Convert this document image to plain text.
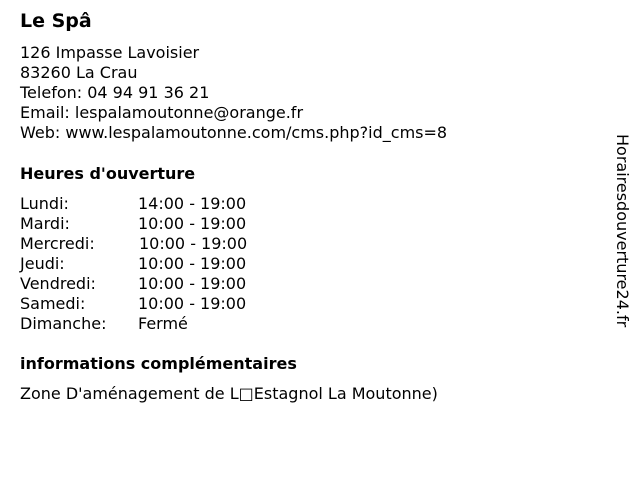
Le Spâ
126 Impasse Lavoisier
83260 La Crau
Telefon: 04 94 91 36 21
Email: lespalamoutonne@orange.fr
Web: www.lespalamoutonne.com/cms.php?id_cms=8
Heures d'ouverture
Lundi:	14:00 - 19:00
Mardi:	10:00 - 19:00
Mercredi:	10:00 - 19:00
Jeudi:	10:00 - 19:00
Vendredi:	10:00 - 19:00
Samedi:	10:00 - 19:00
Dimanche: Fermé
informations complémentaires
Zone D'aménagement de L□Estagnol La Moutonne)
Horairesdouverture24.fr
